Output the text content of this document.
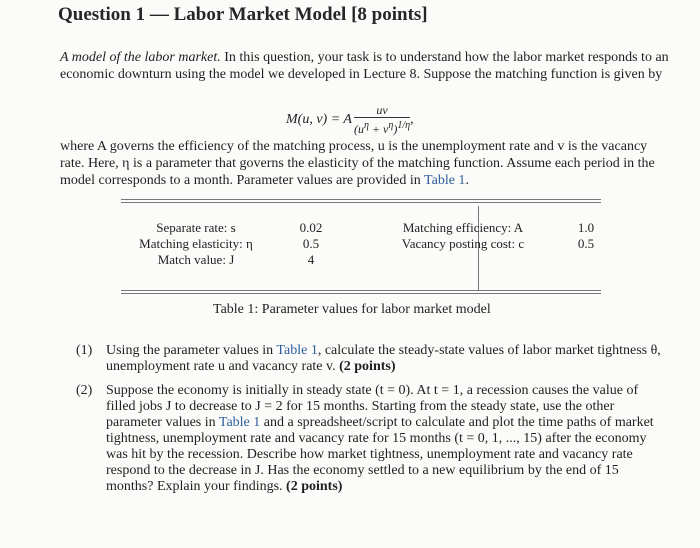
Question 1 — Labor Market Model [8 points]
A model of the labor market. In this question, your task is to understand how the labor market responds to an economic downturn using the model we developed in Lecture 8. Suppose the matching function is given by
M(u, v) = A $\frac{uv}{(u^\eta + v^\eta)^{1/\eta}}$ ,
where A governs the efficiency of the matching process, u is the unemployment rate and v is the vacancy rate. Here, η is a parameter that governs the elasticity of the matching function. Assume each period in the model corresponds to a month. Parameter values are provided in Table 1.
Separate rate: s
Matching elasticity: η
Match value: J
0.02
0.5
4
Matching efficiency: A
Vacancy posting cost: c
1.0
0.5
Table 1: Parameter values for labor market model
(1) Using the parameter values in Table 1, calculate the steady-state values of labor market tightness θ, unemployment rate u and vacancy rate v. (2 points)
(2) Suppose the economy is initially in steady state (t = 0). At t = 1, a recession causes the value of filled jobs J to decrease to J = 2 for 15 months. Starting from the steady state, use the other parameter values in Table 1 and a spreadsheet/script to calculate and plot the time paths of market tightness, unemployment rate and vacancy rate for 15 months (t = 0, 1, ..., 15) after the economy was hit by the recession. Describe how market tightness, unemployment rate and vacancy rate respond to the decrease in J. Has the economy settled to a new equilibrium by the end of 15 months? Explain your findings. (2 points)
